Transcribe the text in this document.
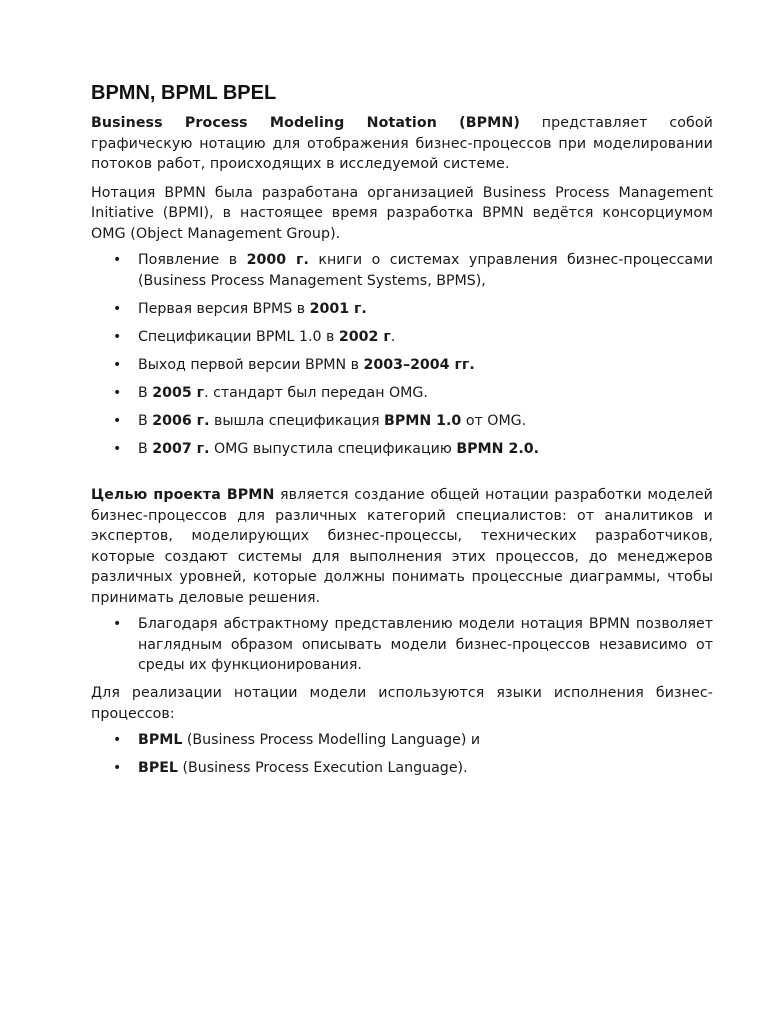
BPMN, BPML BPEL

Business Process Modeling Notation (BPMN) представляет собой графическую нотацию для отображения бизнес-процессов при моделировании потоков работ, происходящих в исследуемой системе.

Нотация BPMN была разработана организацией Business Process Management Initiative (BPMI), в настоящее время разработка BPMN ведётся консорциумом OMG (Object Management Group).

• Появление в 2000 г. книги о системах управления бизнес-процессами (Business Process Management Systems, BPMS),
• Первая версия BPMS в 2001 г.
• Спецификации BPML 1.0 в 2002 г.
• Выход первой версии BPMN в 2003–2004 гг.
• В 2005 г. стандарт был передан OMG.
• В 2006 г. вышла спецификация BPMN 1.0 от OMG.
• В 2007 г. OMG выпустила спецификацию BPMN 2.0.

Целью проекта BPMN является создание общей нотации разработки моделей бизнес-процессов для различных категорий специалистов: от аналитиков и экспертов, моделирующих бизнес-процессы, технических разработчиков, которые создают системы для выполнения этих процессов, до менеджеров различных уровней, которые должны понимать процессные диаграммы, чтобы принимать деловые решения.

• Благодаря абстрактному представлению модели нотация BPMN позволяет наглядным образом описывать модели бизнес-процессов независимо от среды их функционирования.

Для реализации нотации модели используются языки исполнения бизнес-процессов:

• BPML (Business Process Modelling Language) и
• BPEL (Business Process Execution Language).
